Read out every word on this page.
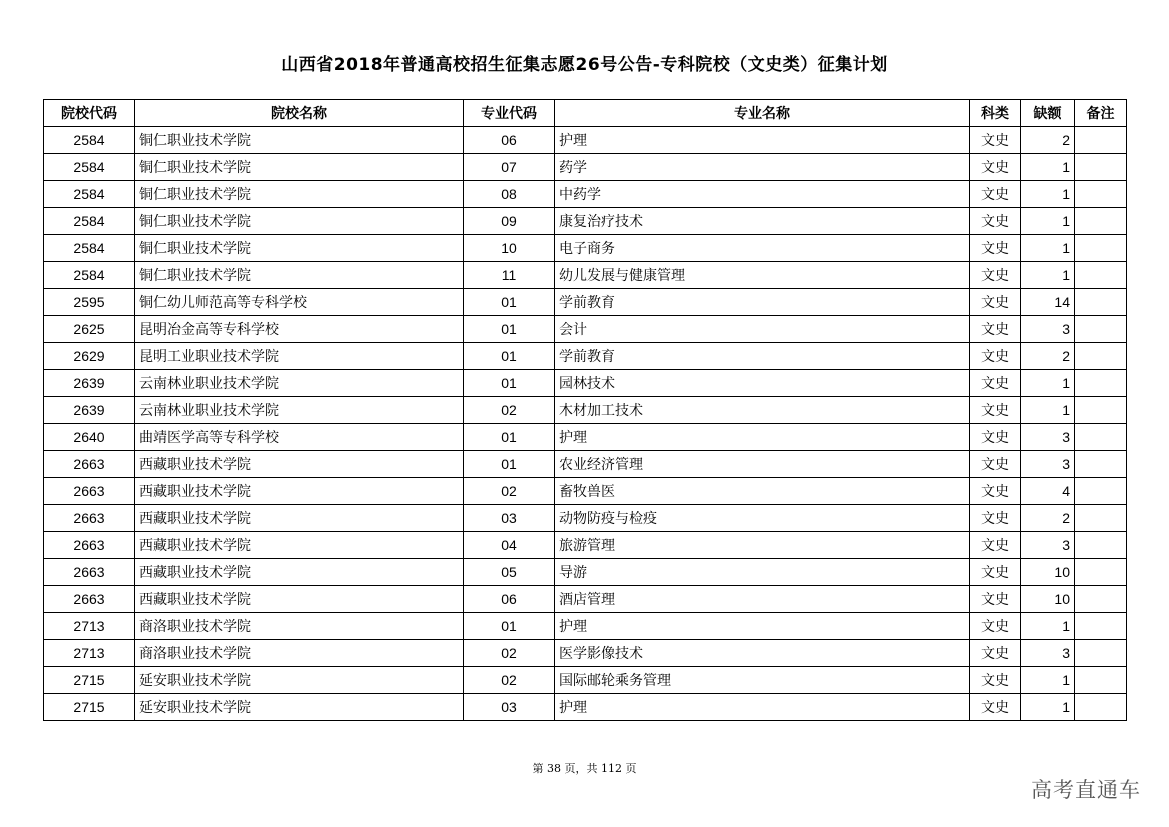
山西省2018年普通高校招生征集志愿26号公告-专科院校（文史类）征集计划
院校代码	院校名称	专业代码	专业名称	科类	缺额	备注
2584	铜仁职业技术学院	06	护理	文史	2	
2584	铜仁职业技术学院	07	药学	文史	1	
2584	铜仁职业技术学院	08	中药学	文史	1	
2584	铜仁职业技术学院	09	康复治疗技术	文史	1	
2584	铜仁职业技术学院	10	电子商务	文史	1	
2584	铜仁职业技术学院	11	幼儿发展与健康管理	文史	1	
2595	铜仁幼儿师范高等专科学校	01	学前教育	文史	14	
2625	昆明冶金高等专科学校	01	会计	文史	3	
2629	昆明工业职业技术学院	01	学前教育	文史	2	
2639	云南林业职业技术学院	01	园林技术	文史	1	
2639	云南林业职业技术学院	02	木材加工技术	文史	1	
2640	曲靖医学高等专科学校	01	护理	文史	3	
2663	西藏职业技术学院	01	农业经济管理	文史	3	
2663	西藏职业技术学院	02	畜牧兽医	文史	4	
2663	西藏职业技术学院	03	动物防疫与检疫	文史	2	
2663	西藏职业技术学院	04	旅游管理	文史	3	
2663	西藏职业技术学院	05	导游	文史	10	
2663	西藏职业技术学院	06	酒店管理	文史	10	
2713	商洛职业技术学院	01	护理	文史	1	
2713	商洛职业技术学院	02	医学影像技术	文史	3	
2715	延安职业技术学院	02	国际邮轮乘务管理	文史	1	
2715	延安职业技术学院	03	护理	文史	1	
第 38 页，共 112 页
高考直通车
